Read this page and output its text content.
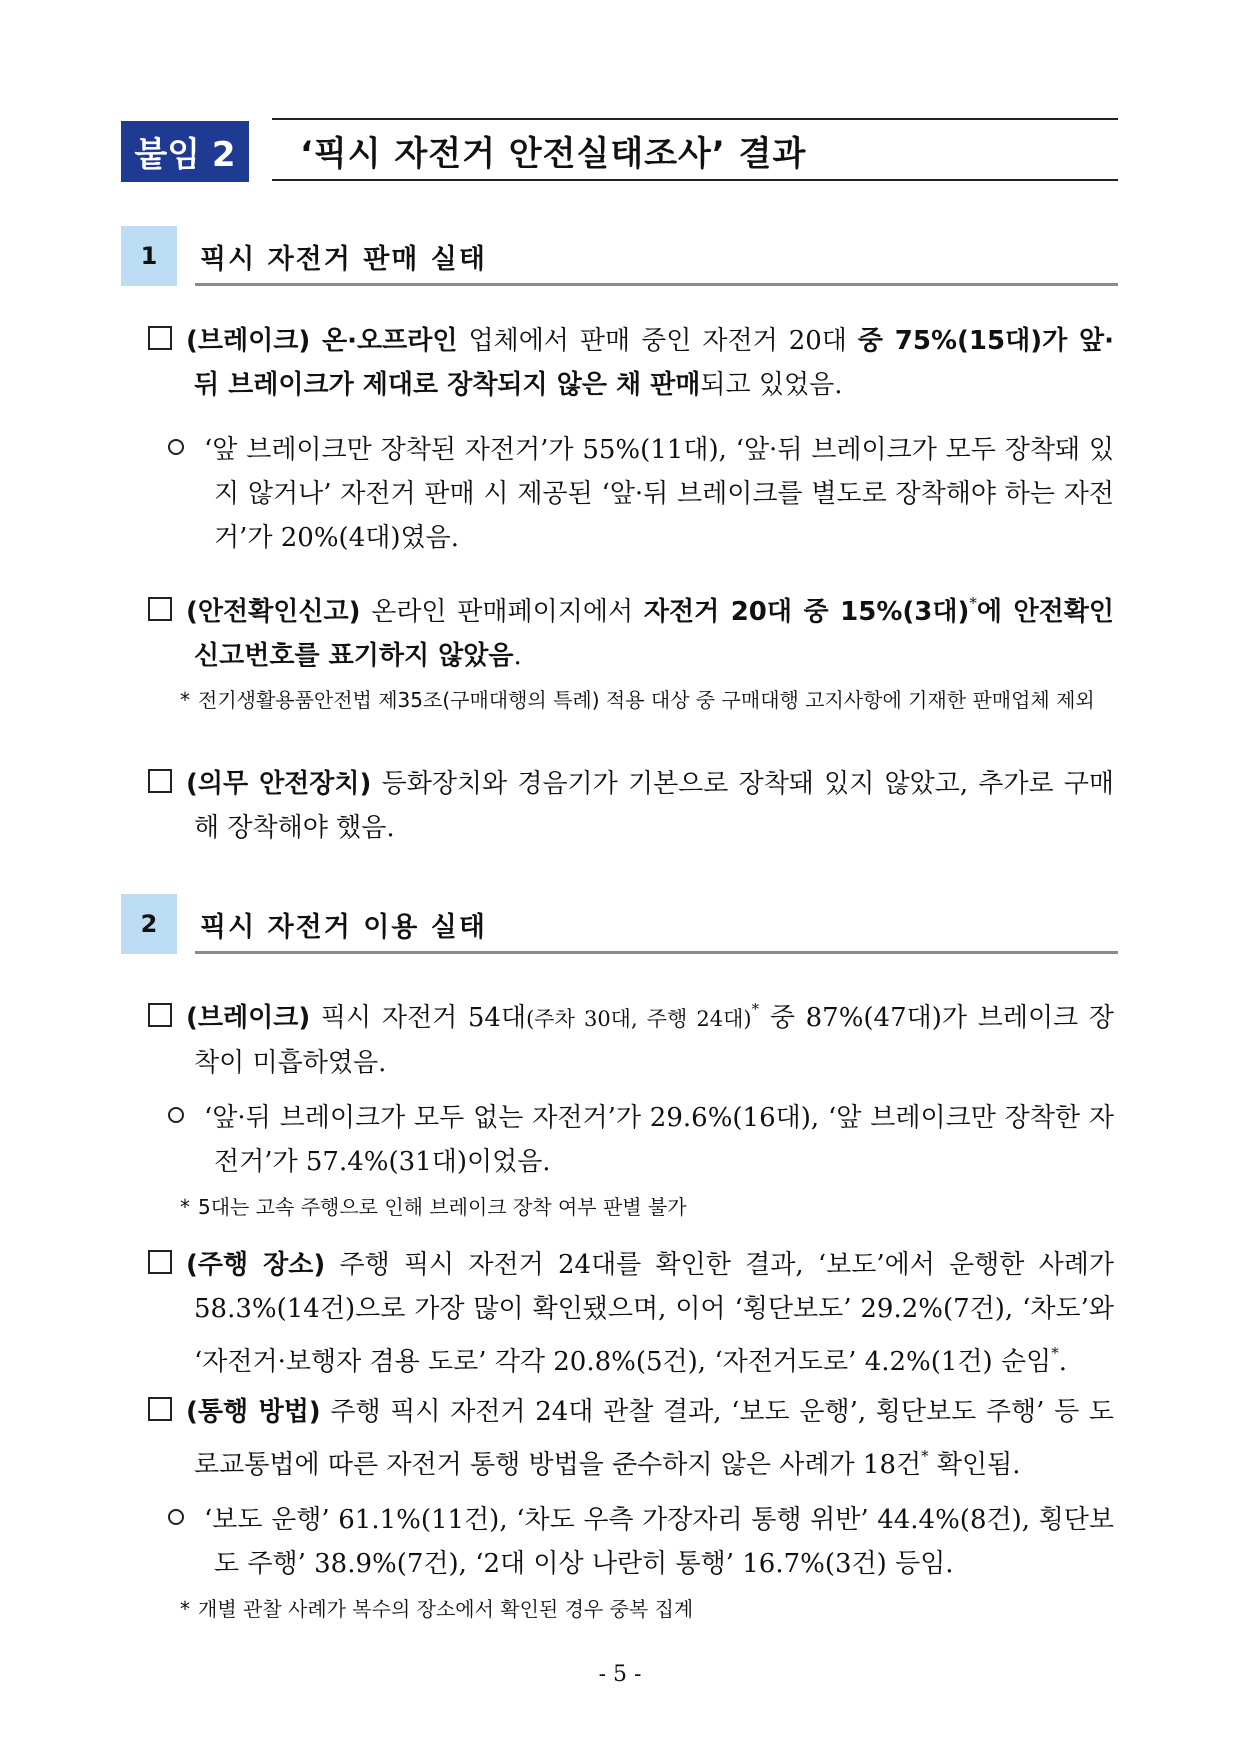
붙임 2	‘픽시 자전거 안전실태조사’ 결과
1	픽시 자전거 판매 실태
(브레이크) 온·오프라인 업체에서 판매 중인 자전거 20대 중 75%(15대)가 앞·뒤 브레이크가 제대로 장착되지 않은 채 판매되고 있었음.
‘앞 브레이크만 장착된 자전거’가 55%(11대), ‘앞·뒤 브레이크가 모두 장착돼 있지 않거나’ 자전거 판매 시 제공된 ‘앞·뒤 브레이크를 별도로 장착해야 하는 자전거’가 20%(4대)였음.
(안전확인신고) 온라인 판매페이지에서 자전거 20대 중 15%(3대)*에 안전확인 신고번호를 표기하지 않았음.
* 전기생활용품안전법 제35조(구매대행의 특례) 적용 대상 중 구매대행 고지사항에 기재한 판매업체 제외
(의무 안전장치) 등화장치와 경음기가 기본으로 장착돼 있지 않았고, 추가로 구매해 장착해야 했음.
2	픽시 자전거 이용 실태
(브레이크) 픽시 자전거 54대(주차 30대, 주행 24대)* 중 87%(47대)가 브레이크 장착이 미흡하였음.
‘앞·뒤 브레이크가 모두 없는 자전거’가 29.6%(16대), ‘앞 브레이크만 장착한 자전거’가 57.4%(31대)이었음.
* 5대는 고속 주행으로 인해 브레이크 장착 여부 판별 불가
(주행 장소) 주행 픽시 자전거 24대를 확인한 결과, ‘보도’에서 운행한 사례가 58.3%(14건)으로 가장 많이 확인됐으며, 이어 ‘횡단보도’ 29.2%(7건), ‘차도’와 ‘자전거·보행자 겸용 도로’ 각각 20.8%(5건), ‘자전거도로’ 4.2%(1건) 순임*.
(통행 방법) 주행 픽시 자전거 24대 관찰 결과, ‘보도 운행’, 횡단보도 주행’ 등 도로교통법에 따른 자전거 통행 방법을 준수하지 않은 사례가 18건* 확인됨.
‘보도 운행’ 61.1%(11건), ‘차도 우측 가장자리 통행 위반’ 44.4%(8건), 횡단보도 주행’ 38.9%(7건), ‘2대 이상 나란히 통행’ 16.7%(3건) 등임.
* 개별 관찰 사례가 복수의 장소에서 확인된 경우 중복 집계
- 5 -
